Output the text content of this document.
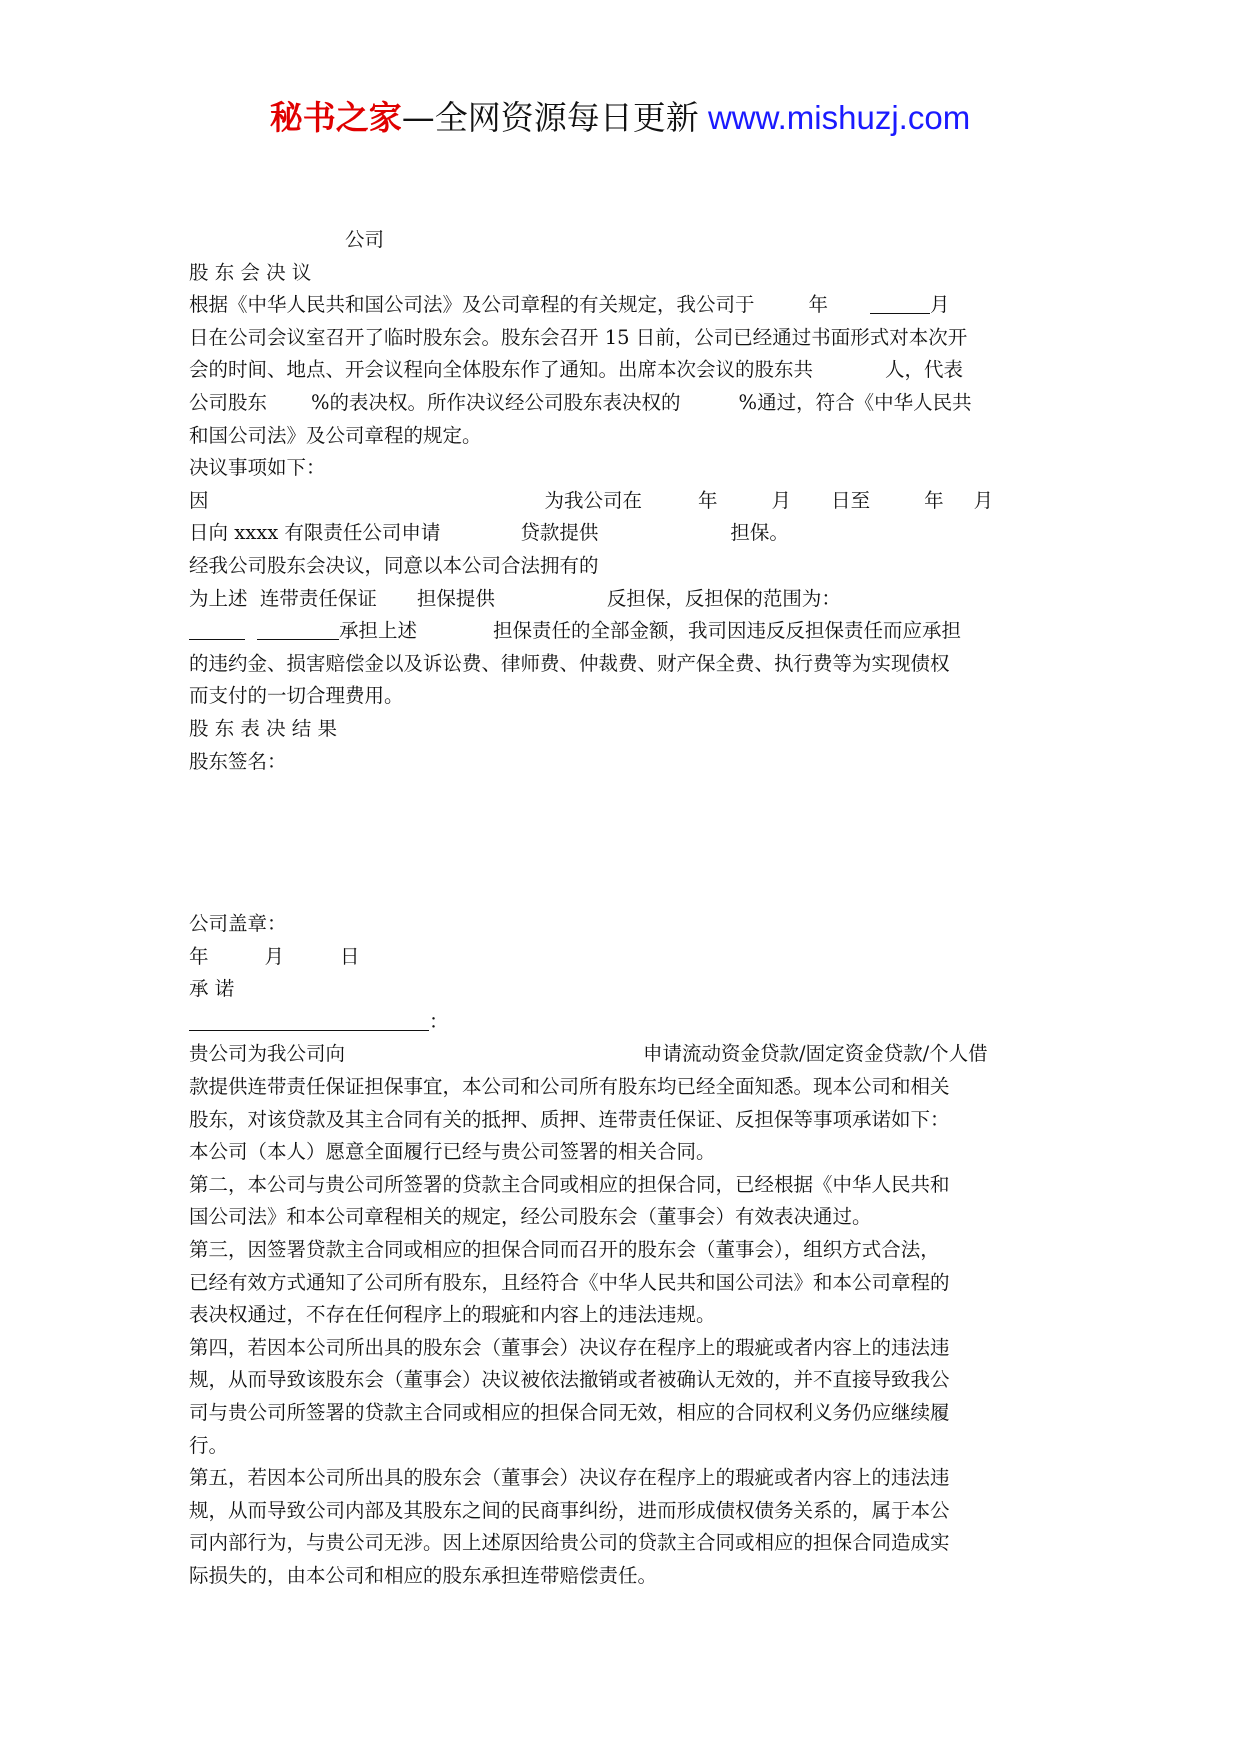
秘书之家—全网资源每日更新 www.mishuzj.com
公司
股 东 会 决 议
根据《中华人民共和国公司法》及公司章程的有关规定，我公司于	年	月
日在公司会议室召开了临时股东会。股东会召开 15 日前，公司已经通过书面形式对本次开
会的时间、地点、开会议程向全体股东作了通知。出席本次会议的股东共	人，代表
公司股东 %的表决权。所作决议经公司股东表决权的	%通过，符合《中华人民共
和国公司法》及公司章程的规定。
决议事项如下：
因	为我公司在	年	月 日至	年 月
日向 xxxx 有限责任公司申请	贷款提供	担保。
经我公司股东会决议，同意以本公司合法拥有的
为上述  连带责任保证 担保提供	反担保，反担保的范围为：
承担上述	担保责任的全部金额，我司因违反反担保责任而应承担
的违约金、损害赔偿金以及诉讼费、律师费、仲裁费、财产保全费、执行费等为实现债权
而支付的一切合理费用。
股 东 表 决 结 果
股东签名：
公司盖章：
年	月	日
承 诺
：
贵公司为我公司向	申请流动资金贷款/固定资金贷款/个人借
款提供连带责任保证担保事宜，本公司和公司所有股东均已经全面知悉。现本公司和相关
股东，对该贷款及其主合同有关的抵押、质押、连带责任保证、反担保等事项承诺如下：
本公司（本人）愿意全面履行已经与贵公司签署的相关合同。
第二，本公司与贵公司所签署的贷款主合同或相应的担保合同，已经根据《中华人民共和
国公司法》和本公司章程相关的规定，经公司股东会（董事会）有效表决通过。
第三，因签署贷款主合同或相应的担保合同而召开的股东会（董事会），组织方式合法，
已经有效方式通知了公司所有股东，且经符合《中华人民共和国公司法》和本公司章程的
表决权通过，不存在任何程序上的瑕疵和内容上的违法违规。
第四，若因本公司所出具的股东会（董事会）决议存在程序上的瑕疵或者内容上的违法违
规，从而导致该股东会（董事会）决议被依法撤销或者被确认无效的，并不直接导致我公
司与贵公司所签署的贷款主合同或相应的担保合同无效，相应的合同权利义务仍应继续履
行。
第五，若因本公司所出具的股东会（董事会）决议存在程序上的瑕疵或者内容上的违法违
规，从而导致公司内部及其股东之间的民商事纠纷，进而形成债权债务关系的，属于本公
司内部行为，与贵公司无涉。因上述原因给贵公司的贷款主合同或相应的担保合同造成实
际损失的，由本公司和相应的股东承担连带赔偿责任。
